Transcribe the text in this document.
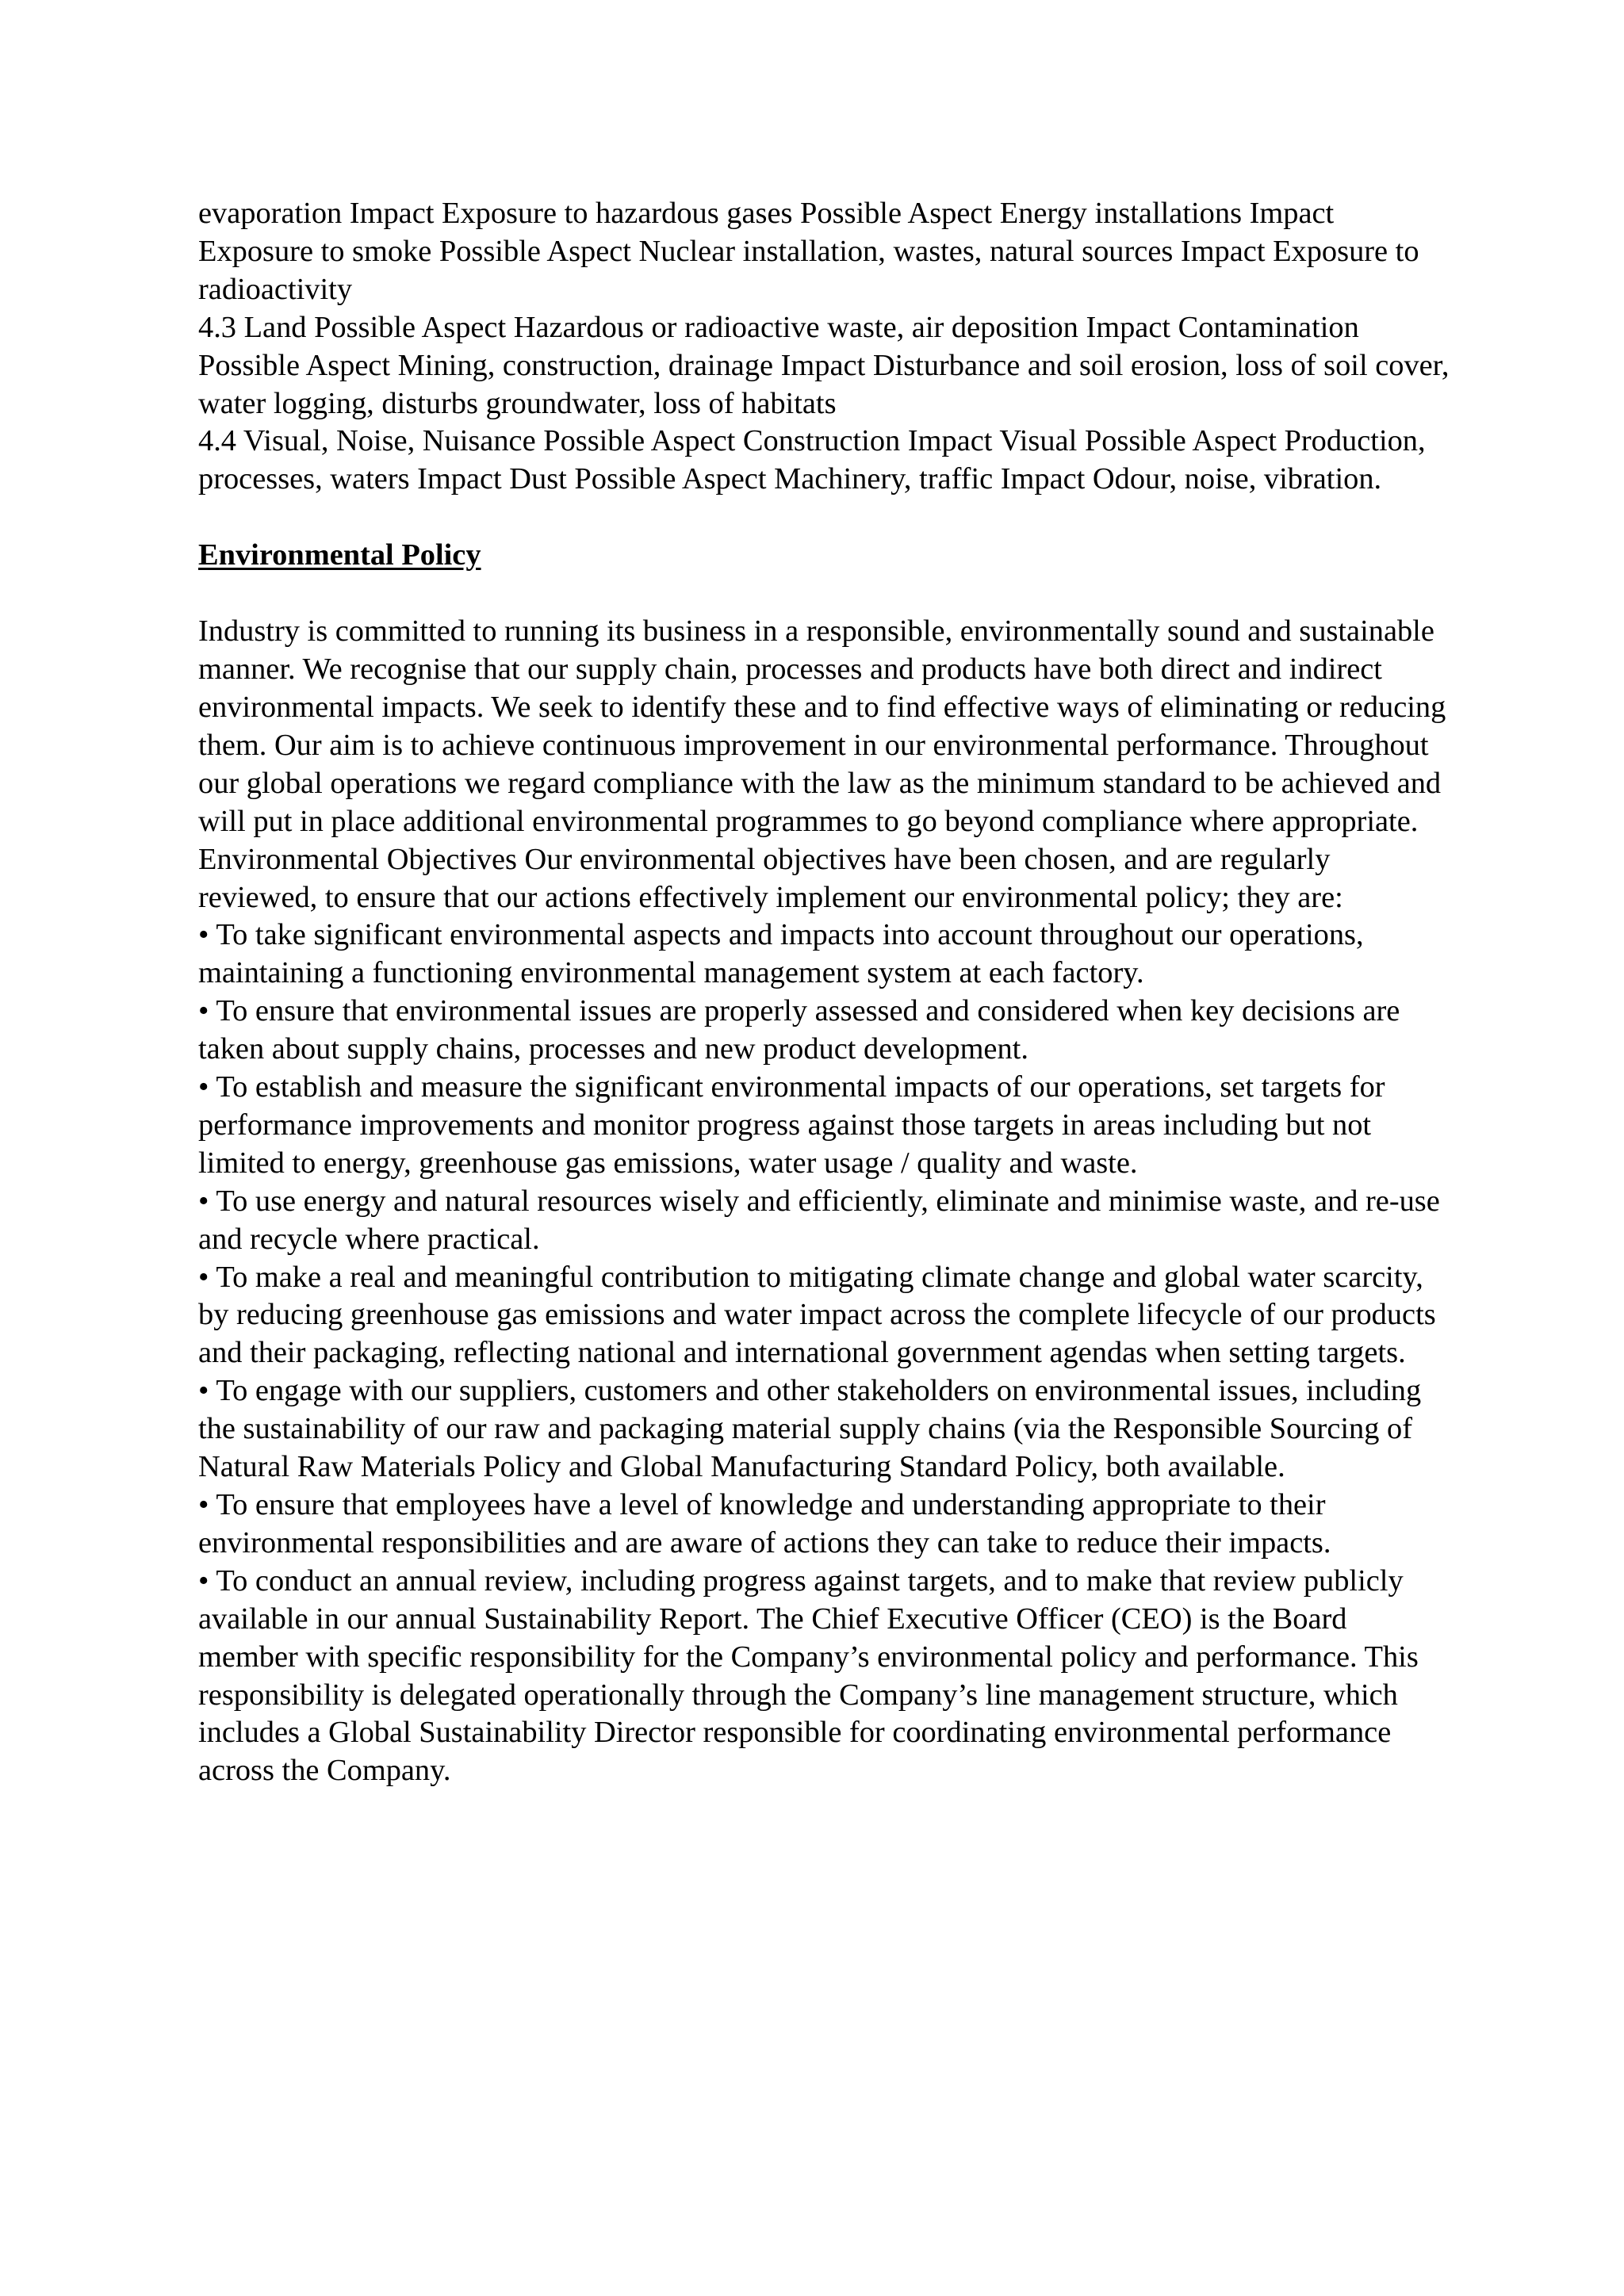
evaporation Impact Exposure to hazardous gases Possible Aspect Energy installations Impact Exposure to smoke Possible Aspect Nuclear installation, wastes, natural sources Impact Exposure to radioactivity

4.3 Land Possible Aspect Hazardous or radioactive waste, air deposition Impact Contamination Possible Aspect Mining, construction, drainage Impact Disturbance and soil erosion, loss of soil cover, water logging, disturbs groundwater, loss of habitats

4.4 Visual, Noise, Nuisance Possible Aspect Construction Impact Visual Possible Aspect Production, processes, waters Impact Dust Possible Aspect Machinery, traffic Impact Odour, noise, vibration.

Environmental Policy

Industry is committed to running its business in a responsible, environmentally sound and sustainable manner. We recognise that our supply chain, processes and products have both direct and indirect environmental impacts. We seek to identify these and to find effective ways of eliminating or reducing them. Our aim is to achieve continuous improvement in our environmental performance. Throughout our global operations we regard compliance with the law as the minimum standard to be achieved and will put in place additional environmental programmes to go beyond compliance where appropriate. Environmental Objectives Our environmental objectives have been chosen, and are regularly reviewed, to ensure that our actions effectively implement our environmental policy; they are:

• To take significant environmental aspects and impacts into account throughout our operations, maintaining a functioning environmental management system at each factory.

• To ensure that environmental issues are properly assessed and considered when key decisions are taken about supply chains, processes and new product development.

• To establish and measure the significant environmental impacts of our operations, set targets for performance improvements and monitor progress against those targets in areas including but not limited to energy, greenhouse gas emissions, water usage / quality and waste.

• To use energy and natural resources wisely and efficiently, eliminate and minimise waste, and re-use and recycle where practical.

• To make a real and meaningful contribution to mitigating climate change and global water scarcity, by reducing greenhouse gas emissions and water impact across the complete lifecycle of our products and their packaging, reflecting national and international government agendas when setting targets.

• To engage with our suppliers, customers and other stakeholders on environmental issues, including the sustainability of our raw and packaging material supply chains (via the Responsible Sourcing of Natural Raw Materials Policy and Global Manufacturing Standard Policy, both available.

• To ensure that employees have a level of knowledge and understanding appropriate to their environmental responsibilities and are aware of actions they can take to reduce their impacts.

• To conduct an annual review, including progress against targets, and to make that review publicly available in our annual Sustainability Report. The Chief Executive Officer (CEO) is the Board member with specific responsibility for the Company’s environmental policy and performance. This responsibility is delegated operationally through the Company’s line management structure, which includes a Global Sustainability Director responsible for coordinating environmental performance across the Company.
